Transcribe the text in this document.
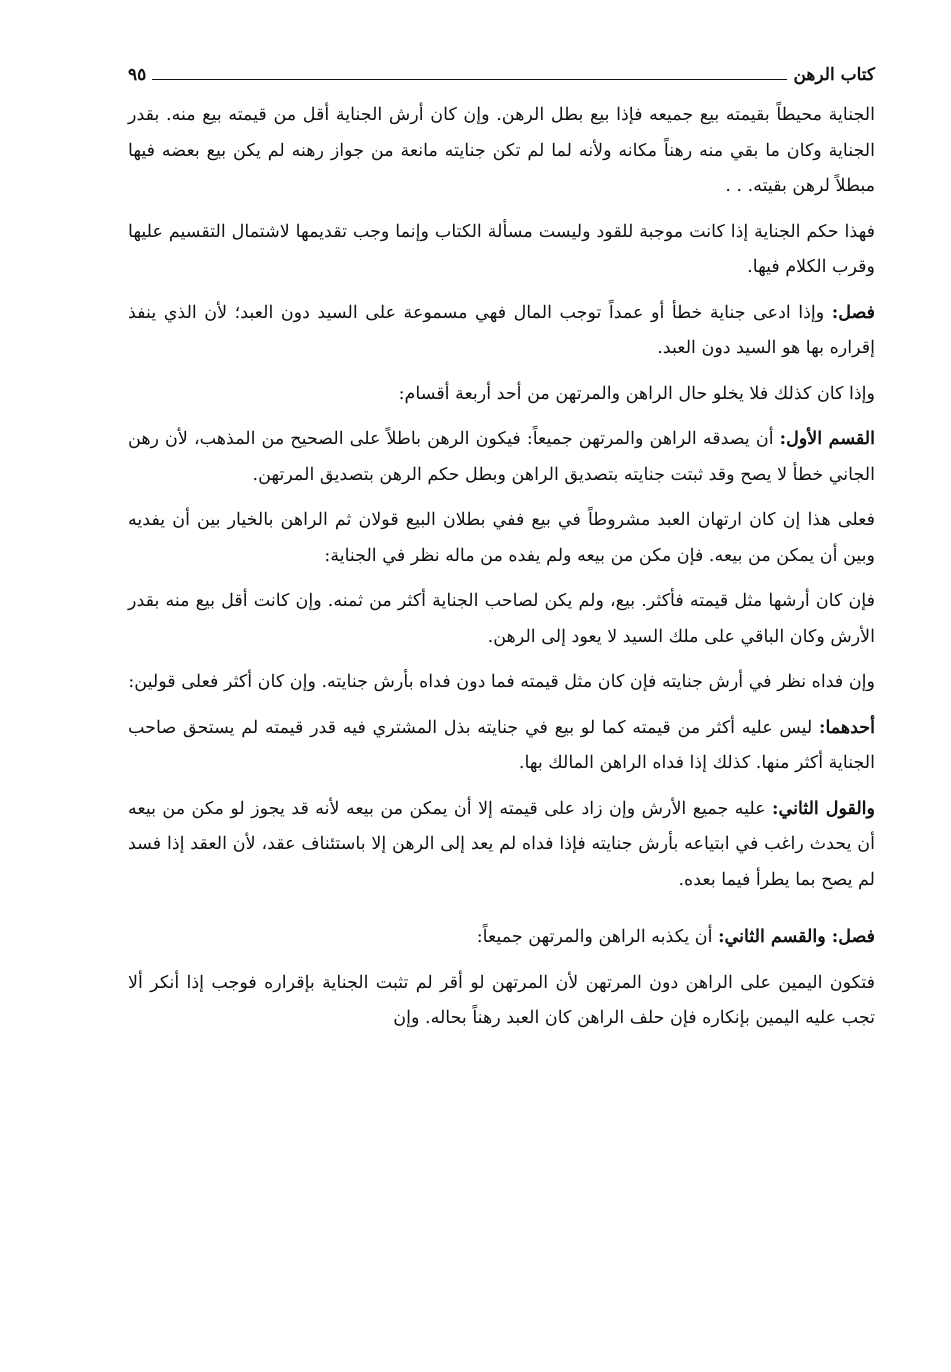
كتاب الرهن
٩٥

الجناية محيطاً بقيمته بيع جميعه فإذا بيع بطل الرهن. وإن كان أرش الجناية أقل من قيمته بيع منه. بقدر الجناية وكان ما بقي منه رهناً مكانه ولأنه لما لم تكن جنايته مانعة من جواز رهنه لم يكن بيع بعضه فيها مبطلاً لرهن بقيته. . .

فهذا حكم الجناية إذا كانت موجبة للقود وليست مسألة الكتاب وإنما وجب تقديمها لاشتمال التقسيم عليها وقرب الكلام فيها.

فصل: وإذا ادعى جناية خطأ أو عمداً توجب المال فهي مسموعة على السيد دون العبد؛ لأن الذي ينفذ إقراره بها هو السيد دون العبد.

وإذا كان كذلك فلا يخلو حال الراهن والمرتهن من أحد أربعة أقسام:

القسم الأول: أن يصدقه الراهن والمرتهن جميعاً: فيكون الرهن باطلاً على الصحيح من المذهب، لأن رهن الجاني خطأ لا يصح وقد ثبتت جنايته بتصديق الراهن وبطل حكم الرهن بتصديق المرتهن.

فعلى هذا إن كان ارتهان العبد مشروطاً في بيع ففي بطلان البيع قولان ثم الراهن بالخيار بين أن يفديه وبين أن يمكن من بيعه. فإن مكن من بيعه ولم يفده من ماله نظر في الجناية:

فإن كان أرشها مثل قيمته فأكثر. بيع، ولم يكن لصاحب الجناية أكثر من ثمنه. وإن كانت أقل بيع منه بقدر الأرش وكان الباقي على ملك السيد لا يعود إلى الرهن.

وإن فداه نظر في أرش جنايته فإن كان مثل قيمته فما دون فداه بأرش جنايته. وإن كان أكثر فعلى قولين:

أحدهما: ليس عليه أكثر من قيمته كما لو بيع في جنايته بذل المشتري فيه قدر قيمته لم يستحق صاحب الجناية أكثر منها. كذلك إذا فداه الراهن المالك بها.

والقول الثاني: عليه جميع الأرش وإن زاد على قيمته إلا أن يمكن من بيعه لأنه قد يجوز لو مكن من بيعه أن يحدث راغب في ابتياعه بأرش جنايته فإذا فداه لم يعد إلى الرهن إلا باستئناف عقد، لأن العقد إذا فسد لم يصح بما يطرأ فيما بعده.

فصل: والقسم الثاني: أن يكذبه الراهن والمرتهن جميعاً:

فتكون اليمين على الراهن دون المرتهن لأن المرتهن لو أقر لم تثبت الجناية بإقراره فوجب إذا أنكر ألا تجب عليه اليمين بإنكاره فإن حلف الراهن كان العبد رهناً بحاله. وإن
